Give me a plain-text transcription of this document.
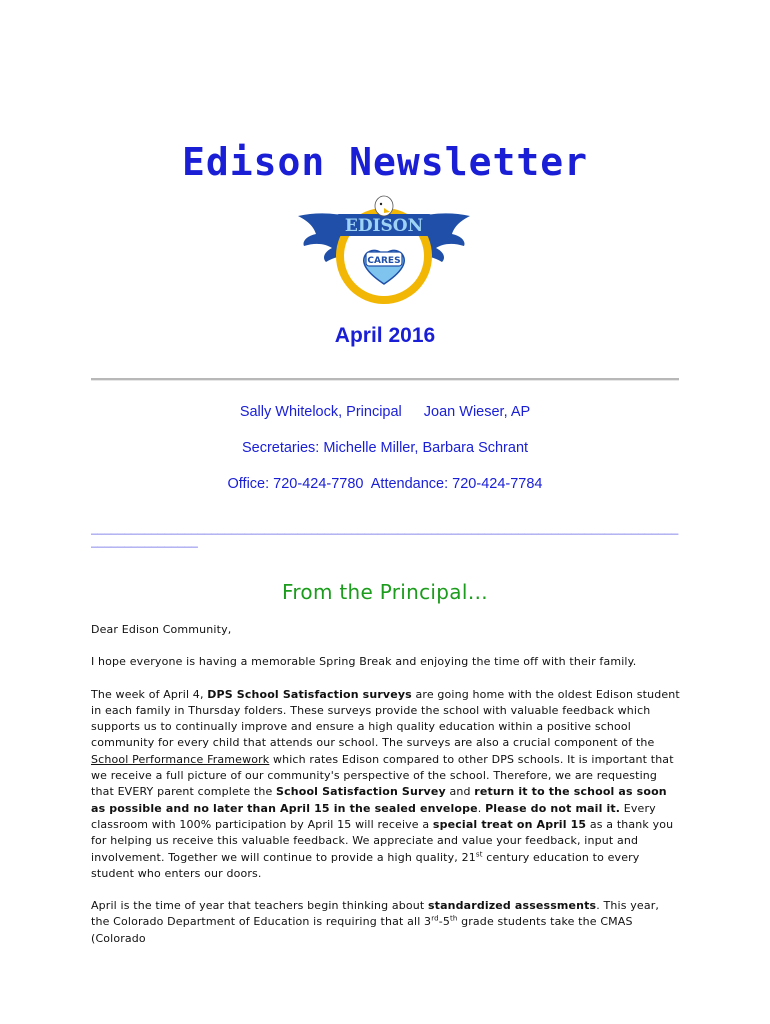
Edison Newsletter
EDISON
CARES
April 2016
Sally Whitelock, Principal Joan Wieser, AP
Secretaries: Michelle Miller, Barbara Schrant
Office: 720-424-7780 Attendance: 720-424-7784
________________________________________________________________________________________________________
From the Principal…

Dear Edison Community,

I hope everyone is having a memorable Spring Break and enjoying the time off with their family.

The week of April 4, DPS School Satisfaction surveys are going home with the oldest Edison student in each family in Thursday folders. These surveys provide the school with valuable feedback which supports us to continually improve and ensure a high quality education within a positive school community for every child that attends our school. The surveys are also a crucial component of the School Performance Framework which rates Edison compared to other DPS schools. It is important that we receive a full picture of our community's perspective of the school. Therefore, we are requesting that EVERY parent complete the School Satisfaction Survey and return it to the school as soon as possible and no later than April 15 in the sealed envelope. Please do not mail it. Every classroom with 100% participation by April 15 will receive a special treat on April 15 as a thank you for helping us receive this valuable feedback. We appreciate and value your feedback, input and involvement. Together we will continue to provide a high quality, 21st century education to every student who enters our doors.

April is the time of year that teachers begin thinking about standardized assessments. This year, the Colorado Department of Education is requiring that all 3rd-5th grade students take the CMAS (Colorado
